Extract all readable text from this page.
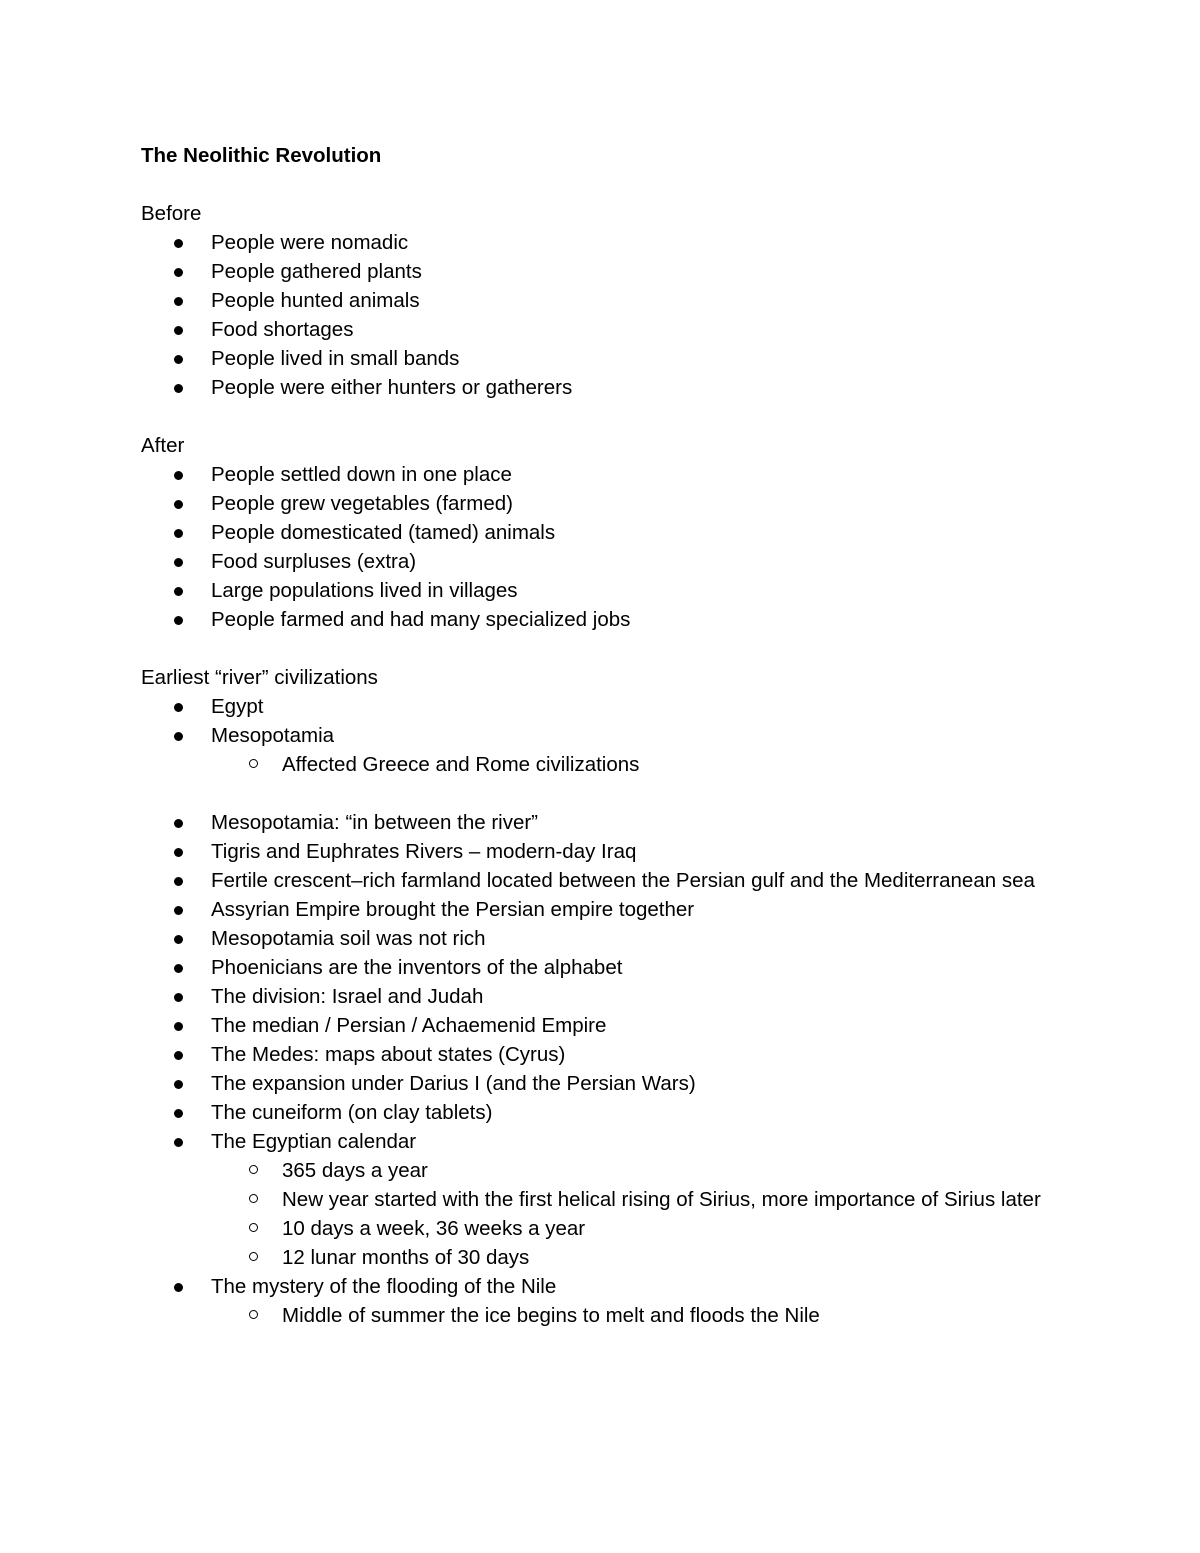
The Neolithic Revolution
Before
People were nomadic
People gathered plants
People hunted animals
Food shortages
People lived in small bands
People were either hunters or gatherers
After
People settled down in one place
People grew vegetables (farmed)
People domesticated (tamed) animals
Food surpluses (extra)
Large populations lived in villages
People farmed and had many specialized jobs
Earliest “river” civilizations
Egypt
Mesopotamia
Affected Greece and Rome civilizations
Mesopotamia: “in between the river”
Tigris and Euphrates Rivers – modern-day Iraq
Fertile crescent–rich farmland located between the Persian gulf and the Mediterranean sea
Assyrian Empire brought the Persian empire together
Mesopotamia soil was not rich
Phoenicians are the inventors of the alphabet
The division: Israel and Judah
The median / Persian / Achaemenid Empire
The Medes: maps about states (Cyrus)
The expansion under Darius I (and the Persian Wars)
The cuneiform (on clay tablets)
The Egyptian calendar
365 days a year
New year started with the first helical rising of Sirius, more importance of Sirius later
10 days a week, 36 weeks a year
12 lunar months of 30 days
The mystery of the flooding of the Nile
Middle of summer the ice begins to melt and floods the Nile
